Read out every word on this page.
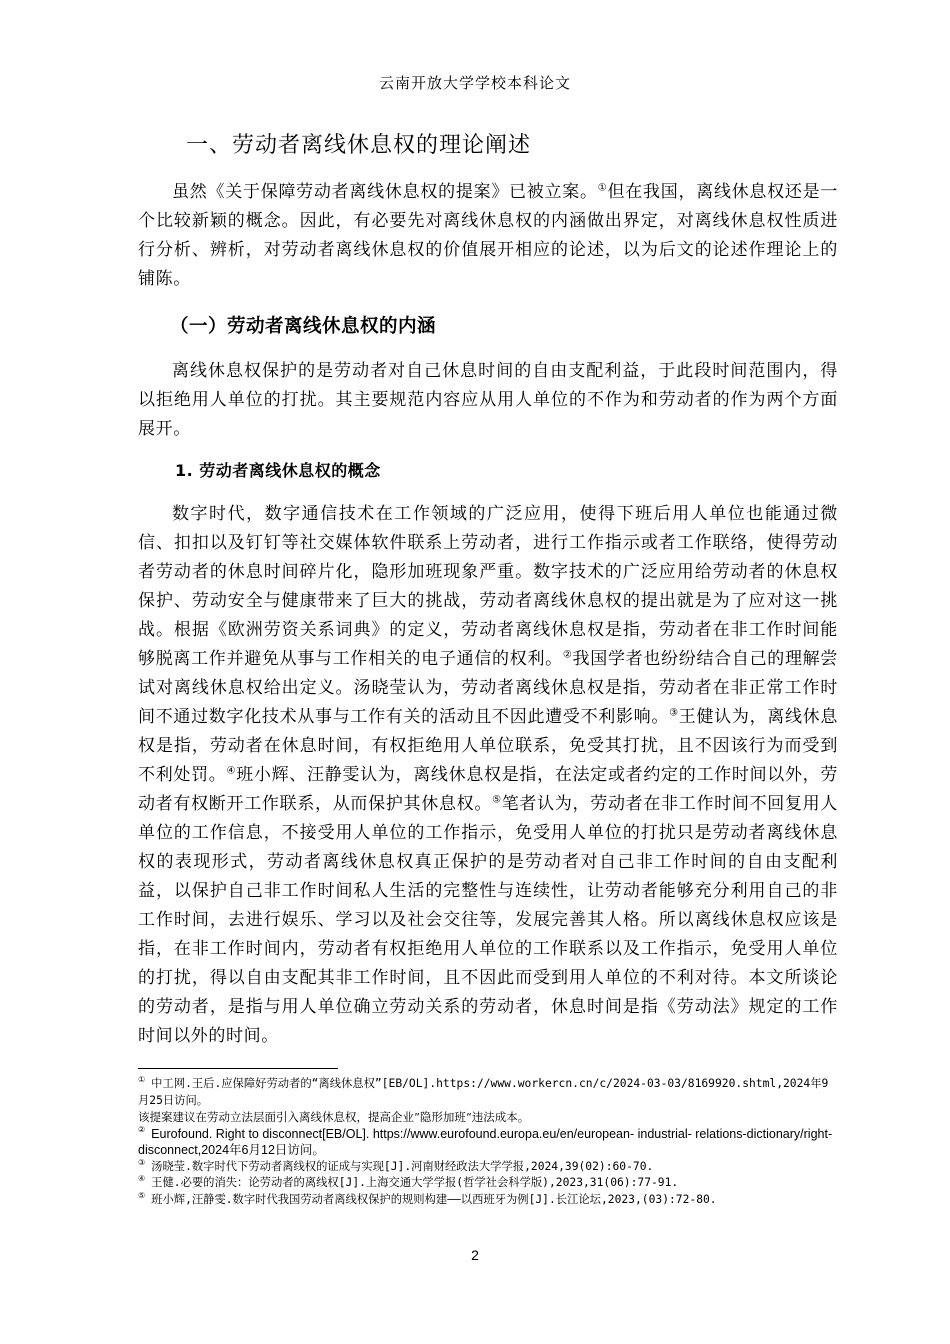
云南开放大学学校本科论文
一、劳动者离线休息权的理论阐述

虽然《关于保障劳动者离线休息权的提案》已被立案。①但在我国，离线休息权还是一个比较新颖的概念。因此，有必要先对离线休息权的内涵做出界定，对离线休息权性质进行分析、辨析，对劳动者离线休息权的价值展开相应的论述，以为后文的论述作理论上的铺陈。

（一）劳动者离线休息权的内涵

离线休息权保护的是劳动者对自己休息时间的自由支配利益，于此段时间范围内，得以拒绝用人单位的打扰。其主要规范内容应从用人单位的不作为和劳动者的作为两个方面展开。

1. 劳动者离线休息权的概念

数字时代，数字通信技术在工作领域的广泛应用，使得下班后用人单位也能通过微信、扣扣以及钉钉等社交媒体软件联系上劳动者，进行工作指示或者工作联络，使得劳动者劳动者的休息时间碎片化，隐形加班现象严重。数字技术的广泛应用给劳动者的休息权保护、劳动安全与健康带来了巨大的挑战，劳动者离线休息权的提出就是为了应对这一挑战。根据《欧洲劳资关系词典》的定义，劳动者离线休息权是指，劳动者在非工作时间能够脱离工作并避免从事与工作相关的电子通信的权利。②我国学者也纷纷结合自己的理解尝试对离线休息权给出定义。汤晓莹认为，劳动者离线休息权是指，劳动者在非正常工作时间不通过数字化技术从事与工作有关的活动且不因此遭受不利影响。③王健认为，离线休息权是指，劳动者在休息时间，有权拒绝用人单位联系，免受其打扰，且不因该行为而受到不利处罚。④班小辉、汪静雯认为，离线休息权是指，在法定或者约定的工作时间以外，劳动者有权断开工作联系，从而保护其休息权。⑤笔者认为，劳动者在非工作时间不回复用人单位的工作信息，不接受用人单位的工作指示，免受用人单位的打扰只是劳动者离线休息权的表现形式，劳动者离线休息权真正保护的是劳动者对自己非工作时间的自由支配利益，以保护自己非工作时间私人生活的完整性与连续性，让劳动者能够充分利用自己的非工作时间，去进行娱乐、学习以及社会交往等，发展完善其人格。所以离线休息权应该是指，在非工作时间内，劳动者有权拒绝用人单位的工作联系以及工作指示，免受用人单位的打扰，得以自由支配其非工作时间，且不因此而受到用人单位的不利对待。本文所谈论的劳动者，是指与用人单位确立劳动关系的劳动者，休息时间是指《劳动法》规定的工作时间以外的时间。

① 中工网.王后.应保障好劳动者的“离线休息权”[EB/OL].https://www.workercn.cn/c/2024-03-03/8169920.shtml,2024年9月25日访问。

该提案建议在劳动立法层面引入离线休息权，提高企业”隐形加班“违法成本。

② Eurofound. Right to disconnect[EB/OL]. https://www.eurofound.europa.eu/en/european- industrial- relations-dictionary/right-disconnect,2024年6月12日访问。

③ 汤晓莹.数字时代下劳动者离线权的证成与实现[J].河南财经政法大学学报,2024,39(02):60-70.

④ 王健.必要的消失：论劳动者的离线权[J].上海交通大学学报(哲学社会科学版),2023,31(06):77-91.

⑤ 班小辉,汪静雯.数字时代我国劳动者离线权保护的规则构建——以西班牙为例[J].长江论坛,2023,(03):72-80.

2
